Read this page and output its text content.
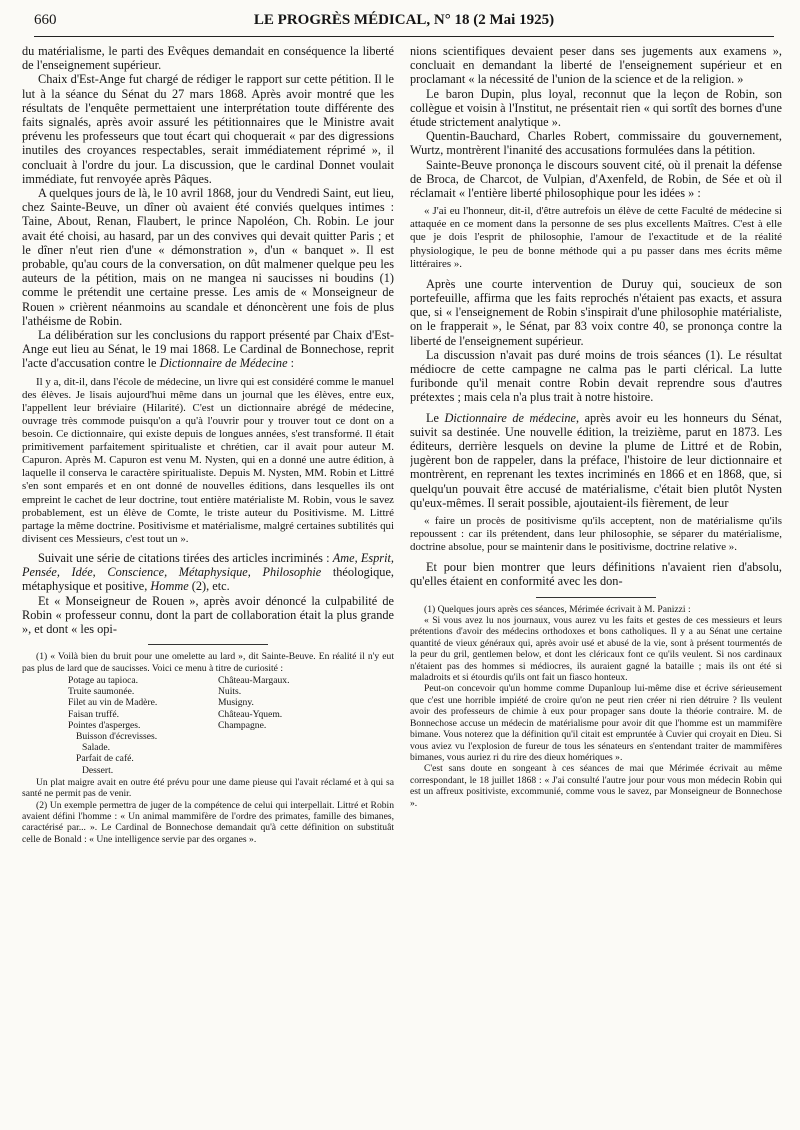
660	LE PROGRÈS MÉDICAL, N° 18 (2 Mai 1925)

du matérialisme, le parti des Evêques demandait en conséquence la liberté de l'enseignement supérieur.

Chaix d'Est-Ange fut chargé de rédiger le rapport sur cette pétition. Il le lut à la séance du Sénat du 27 mars 1868. Après avoir montré que les résultats de l'enquête permettaient une interprétation toute différente des faits signalés, après avoir assuré les pétitionnaires que le Ministre avait prévenu les professeurs que tout écart qui choquerait « par des digressions inutiles des croyances respectables, serait immédiatement réprimé », il concluait à l'ordre du jour. La discussion, que le cardinal Donnet voulait immédiate, fut renvoyée après Pâques.

A quelques jours de là, le 10 avril 1868, jour du Vendredi Saint, eut lieu, chez Sainte-Beuve, un dîner où avaient été conviés quelques intimes : Taine, About, Renan, Flaubert, le prince Napoléon, Ch. Robin. Le jour avait été choisi, au hasard, par un des convives qui devait quitter Paris ; et le dîner n'eut rien d'une « démonstration », d'un « banquet ». Il est probable, qu'au cours de la conversation, on dût malmener quelque peu les auteurs de la pétition, mais on ne mangea ni saucisses ni boudins (1) comme le prétendit une certaine presse. Les amis de « Monseigneur de Rouen » crièrent néanmoins au scandale et dénoncèrent une fois de plus l'athéisme de Robin.

La délibération sur les conclusions du rapport présenté par Chaix d'Est-Ange eut lieu au Sénat, le 19 mai 1868. Le Cardinal de Bonnechose, reprit l'acte d'accusation contre le Dictionnaire de Médecine :

Il y a, dit-il, dans l'école de médecine, un livre qui est considéré comme le manuel des élèves. Je lisais aujourd'hui même dans un journal que les élèves, entre eux, l'appellent leur bréviaire (Hilarité). C'est un dictionnaire abrégé de médecine, ouvrage très commode puisqu'on a qu'à l'ouvrir pour y trouver tout ce dont on a besoin. Ce dictionnaire, qui existe depuis de longues années, s'est transformé. Il était primitivement parfaitement spiritualiste et chrétien, car il avait pour auteur M. Capuron. Après M. Capuron est venu M. Nysten, qui en a donné une autre édition, à laquelle il conserva le caractère spiritualiste. Depuis M. Nysten, MM. Robin et Littré s'en sont emparés et en ont donné de nouvelles éditions, dans lesquelles ils ont empreint le cachet de leur doctrine, tout entière matérialiste M. Robin, vous le savez probablement, est un élève de Comte, le triste auteur du Positivisme. M. Littré partage la même doctrine. Positivisme et matérialisme, malgré certaines subtilités qui divisent ces Messieurs, c'est tout un ».

Suivait une série de citations tirées des articles incriminés : Ame, Esprit, Pensée, Idée, Conscience, Métaphysique, Philosophie théologique, métaphysique et positive, Homme (2), etc.

Et « Monseigneur de Rouen », après avoir dénoncé la culpabilité de Robin « professeur connu, dont la part de collaboration était la plus grande », et dont « les opi-

(1) « Voilà bien du bruit pour une omelette au lard », dit Sainte-Beuve. En réalité il n'y eut pas plus de lard que de saucisses. Voici ce menu à titre de curiosité :

Potage au tapioca.	Château-Margaux.
Truite saumonée.	Nuits.
Filet au vin de Madère.	Musigny.
Faisan truffé.	Château-Yquem.
Pointes d'asperges.	Champagne.
Buisson d'écrevisses.
Salade.
Parfait de café.
Dessert.

Un plat maigre avait en outre été prévu pour une dame pieuse qui l'avait réclamé et à qui sa santé ne permit pas de venir.

(2) Un exemple permettra de juger de la compétence de celui qui interpellait. Littré et Robin avaient défini l'homme : « Un animal mammifère de l'ordre des primates, famille des bimanes, caractérisé par... ». Le Cardinal de Bonnechose demandait qu'à cette définition on substituât celle de Bonald : « Une intelligence servie par des organes ».

nions scientifiques devaient peser dans ses jugements aux examens », concluait en demandant la liberté de l'enseignement supérieur et en proclamant « la nécessité de l'union de la science et de la religion. »

Le baron Dupin, plus loyal, reconnut que la leçon de Robin, son collègue et voisin à l'Institut, ne présentait rien « qui sortît des bornes d'une étude strictement analytique ».

Quentin-Bauchard, Charles Robert, commissaire du gouvernement, Wurtz, montrèrent l'inanité des accusations formulées dans la pétition.

Sainte-Beuve prononça le discours souvent cité, où il prenait la défense de Broca, de Charcot, de Vulpian, d'Axenfeld, de Robin, de Sée et où il réclamait « l'entière liberté philosophique pour les idées » :

« J'ai eu l'honneur, dit-il, d'être autrefois un élève de cette Faculté de médecine si attaquée en ce moment dans la personne de ses plus excellents Maîtres. C'est à elle que je dois l'esprit de philosophie, l'amour de l'exactitude et de la réalité physiologique, le peu de bonne méthode qui a pu passer dans mes écrits même littéraires ».

Après une courte intervention de Duruy qui, soucieux de son portefeuille, affirma que les faits reprochés n'étaient pas exacts, et assura que, si « l'enseignement de Robin s'inspirait d'une philosophie matérialiste, on le frapperait », le Sénat, par 83 voix contre 40, se prononça contre la liberté de l'enseignement supérieur.

La discussion n'avait pas duré moins de trois séances (1). Le résultat médiocre de cette campagne ne calma pas le parti clérical. La lutte furibonde qu'il menait contre Robin devait reprendre sous d'autres prétextes ; mais cela n'a plus trait à notre histoire.

Le Dictionnaire de médecine, après avoir eu les honneurs du Sénat, suivit sa destinée. Une nouvelle édition, la treizième, parut en 1873. Les éditeurs, derrière lesquels on devine la plume de Littré et de Robin, jugèrent bon de rappeler, dans la préface, l'histoire de leur dictionnaire et montrèrent, en reprenant les textes incriminés en 1866 et en 1868, que, si quelqu'un pouvait être accusé de matérialisme, c'était bien plutôt Nysten qu'eux-mêmes. Il serait possible, ajoutaient-ils fièrement, de leur

« faire un procès de positivisme qu'ils acceptent, non de matérialisme qu'ils repoussent : car ils prétendent, dans leur philosophie, se séparer du matérialisme, doctrine absolue, pour se maintenir dans le positivisme, doctrine relative ».

Et pour bien montrer que leurs définitions n'avaient rien d'absolu, qu'elles étaient en conformité avec les don-

(1) Quelques jours après ces séances, Mérimée écrivait à M. Panizzi :

« Si vous avez lu nos journaux, vous aurez vu les faits et gestes de ces messieurs et leurs prétentions d'avoir des médecins orthodoxes et bons catholiques. Il y a au Sénat une certaine quantité de vieux généraux qui, après avoir usé et abusé de la vie, sont à présent tourmentés de la peur du gril, gentlemen below, et dont les cléricaux font ce qu'ils veulent. Si nos cardinaux n'étaient pas des hommes si médiocres, ils auraient gagné la bataille ; mais ils ont été si maladroits et si étourdis qu'ils ont fait un fiasco honteux.

Peut-on concevoir qu'un homme comme Dupanloup lui-même dise et écrive sérieusement que c'est une horrible impiété de croire qu'on ne peut rien créer ni rien détruire ? Ils veulent avoir des professeurs de chimie à eux pour propager sans doute la théorie contraire. M. de Bonnechose accuse un médecin de matérialisme pour avoir dit que l'homme est un mammifère bimane. Vous noterez que la définition qu'il citait est empruntée à Cuvier qui croyait en Dieu. Si vous aviez vu l'explosion de fureur de tous les sénateurs en s'entendant traiter de mammifères bimanes, vous auriez ri du rire des dieux homériques ».

C'est sans doute en songeant à ces séances de mai que Mérimée écrivait au même correspondant, le 18 juillet 1868 : « J'ai consulté l'autre jour pour vous mon médecin Robin qui est un affreux positiviste, excommunié, comme vous le savez, par Monseigneur de Bonnechose ».
